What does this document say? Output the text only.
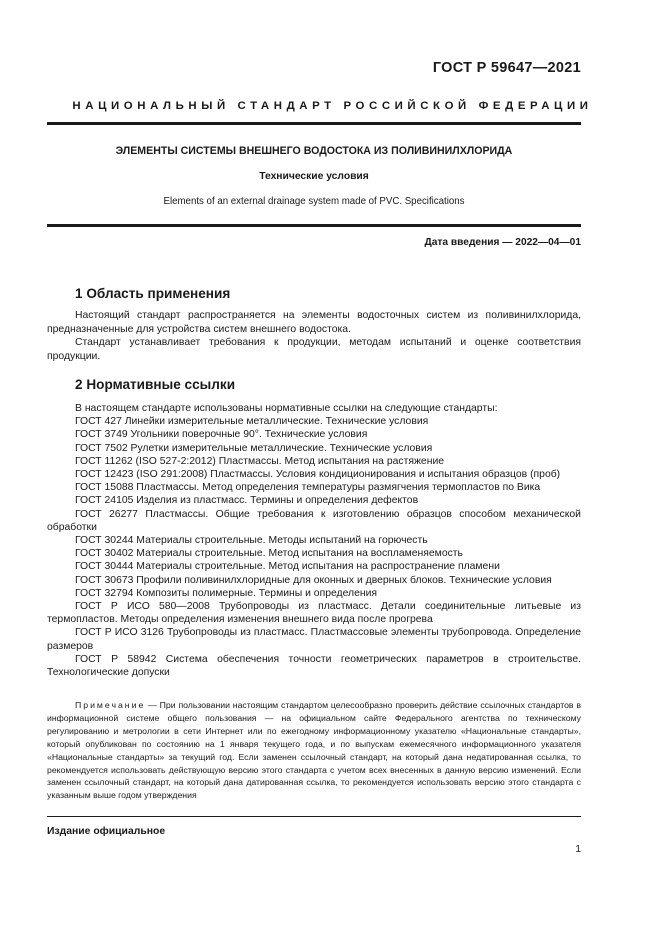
ГОСТ Р 59647—2021
НАЦИОНАЛЬНЫЙ СТАНДАРТ РОССИЙСКОЙ ФЕДЕРАЦИИ
ЭЛЕМЕНТЫ СИСТЕМЫ ВНЕШНЕГО ВОДОСТОКА ИЗ ПОЛИВИНИЛХЛОРИДА
Технические условия
Elements of an external drainage system made of PVC. Specifications
Дата введения — 2022—04—01
1 Область применения

Настоящий стандарт распространяется на элементы водосточных систем из поливинилхлорида, предназначенные для устройства систем внешнего водостока.

Стандарт устанавливает требования к продукции, методам испытаний и оценке соответствия продукции.

2 Нормативные ссылки
В настоящем стандарте использованы нормативные ссылки на следующие стандарты:
ГОСТ 427 Линейки измерительные металлические. Технические условия
ГОСТ 3749 Угольники поверочные 90°. Технические условия
ГОСТ 7502 Рулетки измерительные металлические. Технические условия
ГОСТ 11262 (ISO 527-2:2012) Пластмассы. Метод испытания на растяжение
ГОСТ 12423 (ISO 291:2008) Пластмассы. Условия кондиционирования и испытания образцов (проб)
ГОСТ 15088 Пластмассы. Метод определения температуры размягчения термопластов по Вика
ГОСТ 24105 Изделия из пластмасс. Термины и определения дефектов
ГОСТ 26277 Пластмассы. Общие требования к изготовлению образцов способом механической обработки
ГОСТ 30244 Материалы строительные. Методы испытаний на горючесть
ГОСТ 30402 Материалы строительные. Метод испытания на воспламеняемость
ГОСТ 30444 Материалы строительные. Метод испытания на распространение пламени
ГОСТ 30673 Профили поливинилхлоридные для оконных и дверных блоков. Технические условия
ГОСТ 32794 Композиты полимерные. Термины и определения
ГОСТ Р ИСО 580—2008 Трубопроводы из пластмасс. Детали соединительные литьевые из термопластов. Методы определения изменения внешнего вида после прогрева
ГОСТ Р ИСО 3126 Трубопроводы из пластмасс. Пластмассовые элементы трубопровода. Определение размеров
ГОСТ Р 58942 Система обеспечения точности геометрических параметров в строительстве. Технологические допуски
Примечание — При пользовании настоящим стандартом целесообразно проверить действие ссылочных стандартов в информационной системе общего пользования — на официальном сайте Федерального агентства по техническому регулированию и метрологии в сети Интернет или по ежегодному информационному указателю «Национальные стандарты», который опубликован по состоянию на 1 января текущего года, и по выпускам ежемесячного информационного указателя «Национальные стандарты» за текущий год. Если заменен ссылочный стандарт, на который дана недатированная ссылка, то рекомендуется использовать действующую версию этого стандарта с учетом всех внесенных в данную версию изменений. Если заменен ссылочный стандарт, на который дана датированная ссылка, то рекомендуется использовать версию этого стандарта с указанным выше годом утверждения
Издание официальное
1
